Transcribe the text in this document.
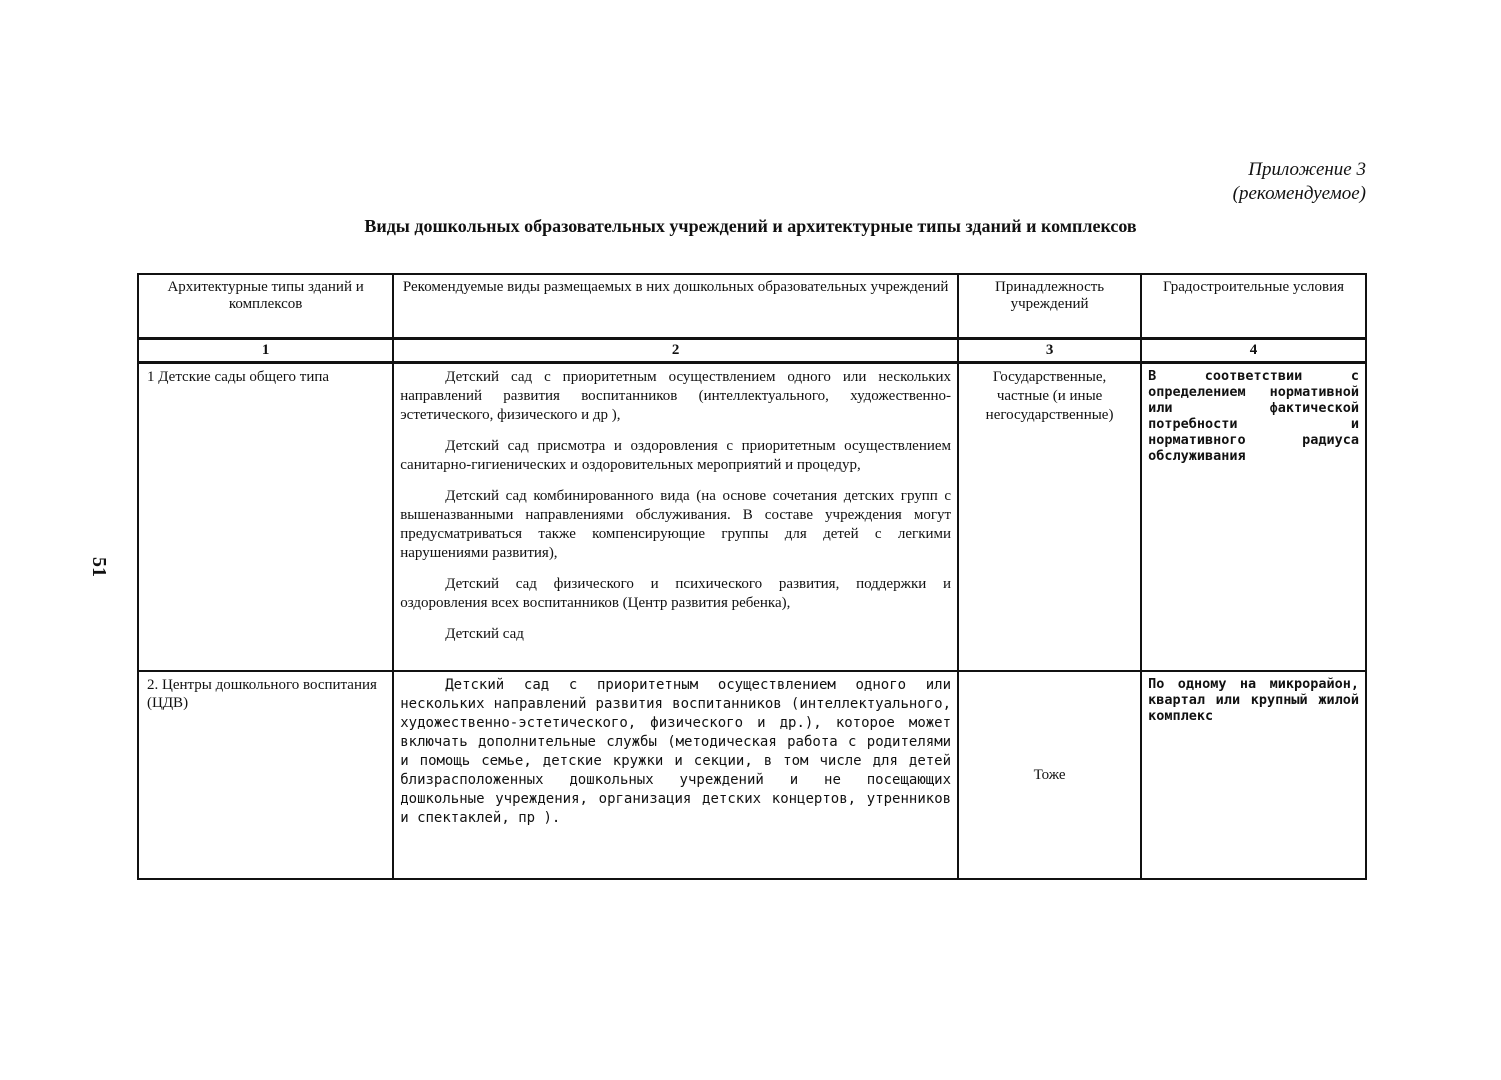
Приложение 3
(рекомендуемое)
Виды дошкольных образовательных учреждений и архитектурные типы зданий и комплексов
51
Архитектурные типы зданий и комплексов	Рекомендуемые виды размещаемых в них дошкольных образовательных учреждений	Принадлежность учреждений	Градостроительные условия
1	2	3	4
1 Детские сады общего типа	Детский сад с приоритетным осуществлением одного или нескольких направлений развития воспитанников (интеллектуального, художественно-эстетического, физического и др ),

Детский сад присмотра и оздоровления с приоритетным осуществлением санитарно-гигиенических и оздоровительных мероприятий и процедур,

Детский сад комбинированного вида (на основе сочетания детских групп с вышеназванными направлениями обслуживания. В составе учреждения могут предусматриваться также компенсирующие группы для детей с легкими нарушениями развития),

Детский сад физического и психического развития, поддержки и оздоровления всех воспитанников (Центр развития ребенка),

Детский сад	Государственные, частные (и иные негосударственные)	В соответствии с определением нормативной или фактической потребности и нормативного радиуса обслуживания
2. Центры дошкольного воспитания (ЦДВ)	Детский сад с приоритетным осуществлением одного или нескольких направлений развития воспитанников (интеллектуального, художественно-эстетического, физического и др.), которое может включать дополнительные службы (методическая работа с родителями и помощь семье, детские кружки и секции, в том числе для детей близрасположенных дошкольных учреждений и не посещающих дошкольные учреждения, организация детских концертов, утренников и спектаклей, пр ).	Тоже	По одному на микрорайон, квартал или крупный жилой комплекс
